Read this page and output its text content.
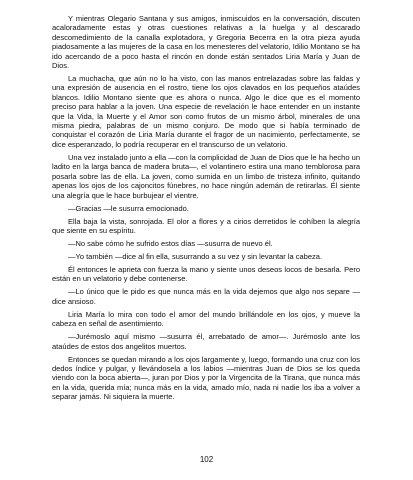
Y mientras Olegario Santana y sus amigos, inmiscuidos en la conversación, discuten acaloradamente estas y otras cuestiones relativas a la huelga y al descarado descomedimiento de la canalla explotadora, y Gregoria Becerra en la otra pieza ayuda piadosamente a las mujeres de la casa en los menesteres del velatorio, Idilio Montano se ha ido acercando de a poco hasta el rincón en donde están sentados Liria María y Juan de Dios.

La muchacha, que aún no lo ha visto, con las manos entrelazadas sobre las faldas y una expresión de ausencia en el rostro, tiene los ojos clavados en los pequeños ataúdes blancos. Idilio Montano siente que es ahora o nunca. Algo le dice que es el momento preciso para hablar a la joven. Una especie de revelación le hace entender en un instante que la Vida, la Muerte y el Amor son como frutos de un mismo árbol, minerales de una misma piedra, palabras de un mismo conjuro. De modo que si había terminado de conquistar el corazón de Liria María durante el fragor de un nacimiento, perfectamente, se dice esperanzado, lo podría recuperar en el transcurso de un velatorio.

Una vez instalado junto a ella —con la complicidad de Juan de Dios que le ha hecho un ladito en la larga banca de madera bruta—, el volantinero estira una mano temblorosa para posarla sobre las de ella. La joven, como sumida en un limbo de tristeza infinito, quitando apenas los ojos de los cajoncitos fúnebres, no hace ningún ademán de retirarlas. Él siente una alegría que le hace burbujear el vientre.

—Gracias —le susurra emocionado.

Ella baja la vista, sonrojada. El olor a flores y a cirios derretidos le cohíben la alegría que siente en su espíritu.

—No sabe cómo he sufrido estos días —susurra de nuevo él.

—Yo también —dice al fin ella, susurrando a su vez y sin levantar la cabeza.

Él entonces le aprieta con fuerza la mano y siente unos deseos locos de besarla. Pero están en un velatorio y debe contenerse.

—Lo único que le pido es que nunca más en la vida dejemos que algo nos separe —dice ansioso.

Liria María lo mira con todo el amor del mundo brillándole en los ojos, y mueve la cabeza en señal de asentimiento.

—Jurémoslo aquí mismo —susurra él, arrebatado de amor—. Jurémoslo ante los ataúdes de estos dos angelitos muertos.

Entonces se quedan mirando a los ojos largamente y, luego, formando una cruz con los dedos índice y pulgar, y llevándosela a los labios —mientras Juan de Dios se los queda viendo con la boca abierta—, juran por Dios y por la Virgencita de la Tirana, que nunca más en la vida, querida mía; nunca más en la vida, amado mío, nada ni nadie los iba a volver a separar jamás. Ni siquiera la muerte.

102
